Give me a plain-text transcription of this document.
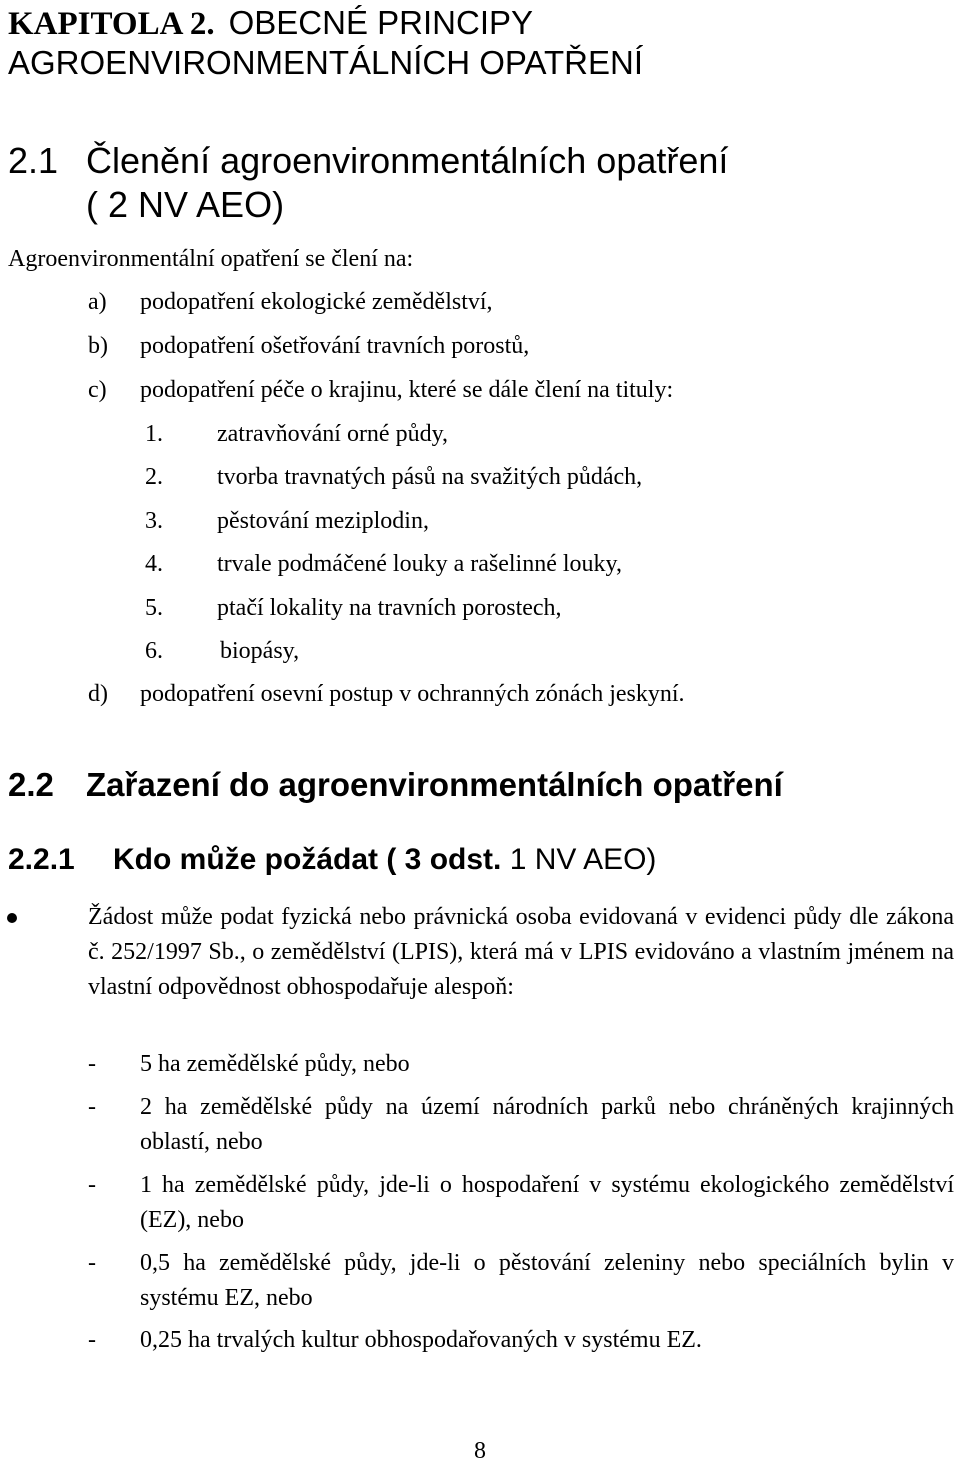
KAPITOLA 2. OBECNÉ PRINCIPY
AGROENVIRONMENTÁLNÍCH OPATŘENÍ
2.1 Členění agroenvironmentálních opatření
( 2 NV AEO)
Agroenvironmentální opatření se člení na:
a) podopatření ekologické zemědělství,
b) podopatření ošetřování travních porostů,
c) podopatření péče o krajinu, které se dále člení na tituly:
1. zatravňování orné půdy,
2. tvorba travnatých pásů na svažitých půdách,
3. pěstování meziplodin,
4. trvale podmáčené louky a rašelinné louky,
5. ptačí lokality na travních porostech,
6. biopásy,
d) podopatření osevní postup v ochranných zónách jeskyní.
2.2 Zařazení do agroenvironmentálních opatření
2.2.1 Kdo může požádat ( 3 odst. 1 NV AEO)
Žádost může podat fyzická nebo právnická osoba evidovaná v evidenci půdy dle zákona č. 252/1997 Sb., o zemědělství (LPIS), která má v LPIS evidováno a vlastním jménem na vlastní odpovědnost obhospodařuje alespoň:
- 5 ha zemědělské půdy, nebo
- 2 ha zemědělské půdy na území národních parků nebo chráněných krajinných oblastí, nebo
- 1 ha zemědělské půdy, jde-li o hospodaření v systému ekologického zemědělství (EZ), nebo
- 0,5 ha zemědělské půdy, jde-li o pěstování zeleniny nebo speciálních bylin v systému EZ, nebo
- 0,25 ha trvalých kultur obhospodařovaných v systému EZ.
8
